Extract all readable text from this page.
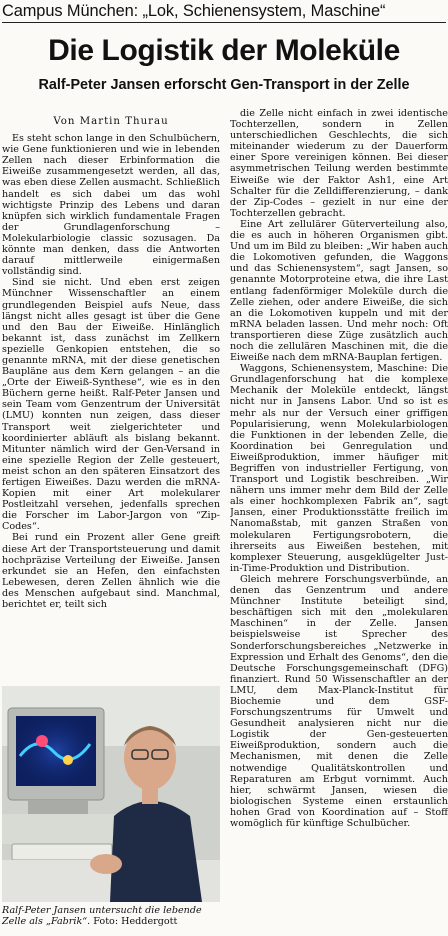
Campus München: „Lok, Schienensystem, Maschine“
Die Logistik der Moleküle
Ralf-Peter Jansen erforscht Gen-Transport in der Zelle
Von Martin Thurau

Es steht schon lange in den Schulbüchern, wie Gene funktionieren und wie in lebenden Zellen nach dieser Erbinformation die Eiweiße zusammengesetzt werden, all das, was eben diese Zellen ausmacht. Schließlich handelt es sich dabei um das wohl wichtigste Prinzip des Lebens und daran knüpfen sich wirklich fundamentale Fragen der Grundlagenforschung – Molekularbiologie classic sozusagen. Da könnte man denken, dass die Antworten darauf mittlerweile einigermaßen vollständig sind.

Sind sie nicht. Und eben erst zeigen Münchner Wissenschaftler an einem grundlegenden Beispiel aufs Neue, dass längst nicht alles gesagt ist über die Gene und den Bau der Eiweiße. Hinlänglich bekannt ist, dass zunächst im Zellkern spezielle Genkopien entstehen, die so genannte mRNA, mit der diese genetischen Baupläne aus dem Kern gelangen – an die „Orte der Eiweiß-Synthese“, wie es in den Büchern gerne heißt. Ralf-Peter Jansen und sein Team vom Genzentrum der Universität (LMU) konnten nun zeigen, dass dieser Transport weit zielgerichteter und koordinierter abläuft als bislang bekannt. Mitunter nämlich wird der Gen-Versand in eine spezielle Region der Zelle gesteuert, meist schon an den späteren Einsatzort des fertigen Eiweißes. Dazu werden die mRNA-Kopien mit einer Art molekularer Postleitzahl versehen, jedenfalls sprechen die Forscher im Labor-Jargon von “Zip-Codes“.

Bei rund ein Prozent aller Gene greift diese Art der Transportsteuerung und damit hochpräzise Verteilung der Eiweiße. Jansen erkundet sie an Hefen, den einfachsten Lebewesen, deren Zellen ähnlich wie die des Menschen aufgebaut sind. Manchmal, berichtet er, teilt sich

die Zelle nicht einfach in zwei identische Tochterzellen, sondern in Zellen unterschiedlichen Geschlechts, die sich miteinander wiederum zu der Dauerform einer Spore vereinigen können. Bei dieser asymmetrischen Teilung werden bestimmte Eiweiße wie der Faktor Ash1, eine Art Schalter für die Zelldifferenzierung, – dank der Zip-Codes – gezielt in nur eine der Tochterzellen gebracht.

Eine Art zellulärer Güterverteilung also, die es auch in höheren Organismen gibt. Und um im Bild zu bleiben: „Wir haben auch die Lokomotiven gefunden, die Waggons und das Schienensystem“, sagt Jansen, so genannte Motorproteine etwa, die ihre Last entlang fadenförmiger Moleküle durch die Zelle ziehen, oder andere Eiweiße, die sich an die Lokomotiven kuppeln und mit der mRNA beladen lassen. Und mehr noch: Oft transportieren diese Züge zusätzlich auch noch die zellulären Maschinen mit, die die Eiweiße nach dem mRNA-Bauplan fertigen.

Waggons, Schienensystem, Maschine: Die Grundlagenforschung hat die komplexe Mechanik der Moleküle entdeckt, längst nicht nur in Jansens Labor. Und so ist es mehr als nur der Versuch einer griffigen Popularisierung, wenn Molekularbiologen die Funktionen in der lebenden Zelle, die Koordination bei Genregulation und Eiweißproduktion, immer häufiger mit Begriffen von industrieller Fertigung, von Transport und Logistik beschreiben. „Wir nähern uns immer mehr dem Bild der Zelle als einer hochkomplexen Fabrik an“, sagt Jansen, einer Produktionsstätte freilich im Nanomaßstab, mit ganzen Straßen von molekularen Fertigungsrobotern, die ihrerseits aus Eiweißen bestehen, mit komplexer Steuerung, ausgeklügelter Just-in-Time-Produktion und Distribution.

Gleich mehrere Forschungsverbünde, an denen das Genzentrum und andere Münchner Institute beteiligt sind, beschäftigen sich mit den „molekularen Maschinen“ in der Zelle. Jansen beispielsweise ist Sprecher des Sonderforschungsbereiches „Netzwerke in Expression und Erhalt des Genoms“, den die Deutsche Forschungsgemeinschaft (DFG) finanziert. Rund 50 Wissenschaftler an der LMU, dem Max-Planck-Institut für Biochemie und dem GSF-Forschungszentrums für Umwelt und Gesundheit analysieren nicht nur die Logistik der Gen-gesteuerten Eiweißproduktion, sondern auch die Mechanismen, mit denen die Zelle notwendige Qualitätskontrollen und Reparaturen am Erbgut vornimmt. Auch hier, schwärmt Jansen, wiesen die biologischen Systeme einen erstaunlich hohen Grad von Koordination auf – Stoff womöglich für künftige Schulbücher.

Ralf-Peter Jansen untersucht die lebende Zelle als „Fabrik“. Foto: Heddergott
